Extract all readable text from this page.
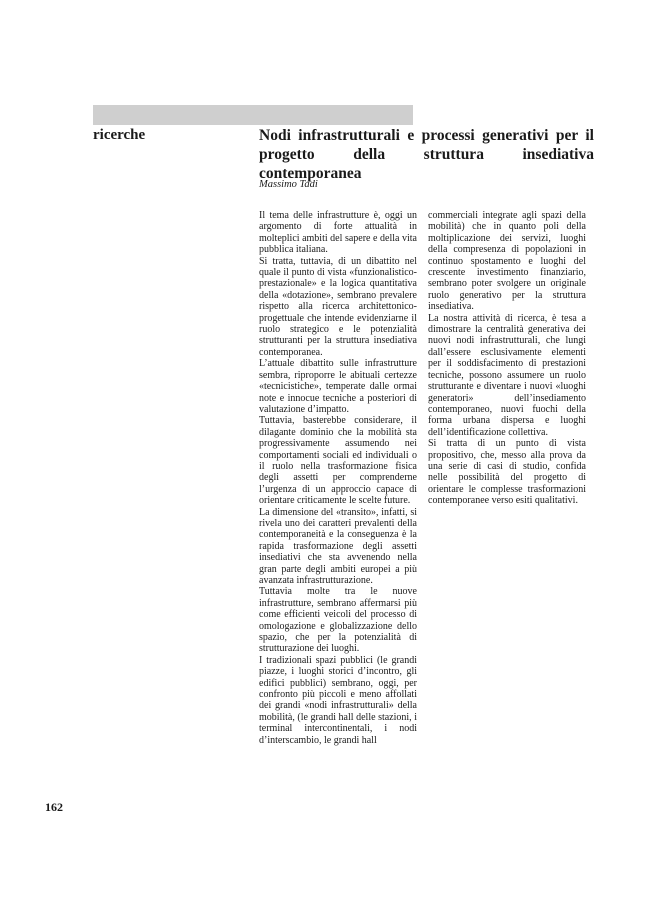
ricerche	Nodi infrastrutturali e processi generativi per il progetto della struttura insediativa contemporanea

Massimo Tadi

Il tema delle infrastrutture è, oggi un argomento di forte attualità in molteplici ambiti del sapere e della vita pubblica italiana.

Si tratta, tuttavia, di un dibattito nel quale il punto di vista «funzionalistico-prestazionale» e la logica quantitativa della «dotazione», sembrano prevalere rispetto alla ricerca architettonico-progettuale che intende evidenziarne il ruolo strategico e le potenzialità strutturanti per la struttura insediativa contemporanea.

L’attuale dibattito sulle infrastrutture sembra, riproporre le abituali certezze «tecnicistiche», temperate dalle ormai note e innocue tecniche a posteriori di valutazione d’impatto.

Tuttavia, basterebbe considerare, il dilagante dominio che la mobilità sta progressivamente assumendo nei comportamenti sociali ed individuali o il ruolo nella trasformazione fisica degli assetti per comprenderne l’urgenza di un approccio capace di orientare criticamente le scelte future.

La dimensione del «transito», infatti, si rivela uno dei caratteri prevalenti della contemporaneità e la conseguenza è la rapida trasformazione degli assetti insediativi che sta avvenendo nella gran parte degli ambiti europei a più avanzata infrastrutturazione.

Tuttavia molte tra le nuove infrastrutture, sembrano affermarsi più come efficienti veicoli del processo di omologazione e globalizzazione dello spazio, che per la potenzialità di strutturazione dei luoghi.

I tradizionali spazi pubblici (le grandi piazze, i luoghi storici d’incontro, gli edifici pubblici) sembrano, oggi, per confronto più piccoli e meno affollati dei grandi «nodi infrastrutturali» della mobilità, (le grandi hall delle stazioni, i terminal intercontinentali, i nodi d’interscambio, le grandi hall

commerciali integrate agli spazi della mobilità) che in quanto poli della moltiplicazione dei servizi, luoghi della compresenza di popolazioni in continuo spostamento e luoghi del crescente investimento finanziario, sembrano poter svolgere un originale ruolo generativo per la struttura insediativa.

La nostra attività di ricerca, è tesa a dimostrare la centralità generativa dei nuovi nodi infrastrutturali, che lungi dall’essere esclusivamente elementi per il soddisfacimento di prestazioni tecniche, possono assumere un ruolo strutturante e diventare i nuovi «luoghi generatori» dell’insediamento contemporaneo, nuovi fuochi della forma urbana dispersa e luoghi dell’identificazione collettiva.

Si tratta di un punto di vista propositivo, che, messo alla prova da una serie di casi di studio, confida nelle possibilità del progetto di orientare le complesse trasformazioni contemporanee verso esiti qualitativi.

162
